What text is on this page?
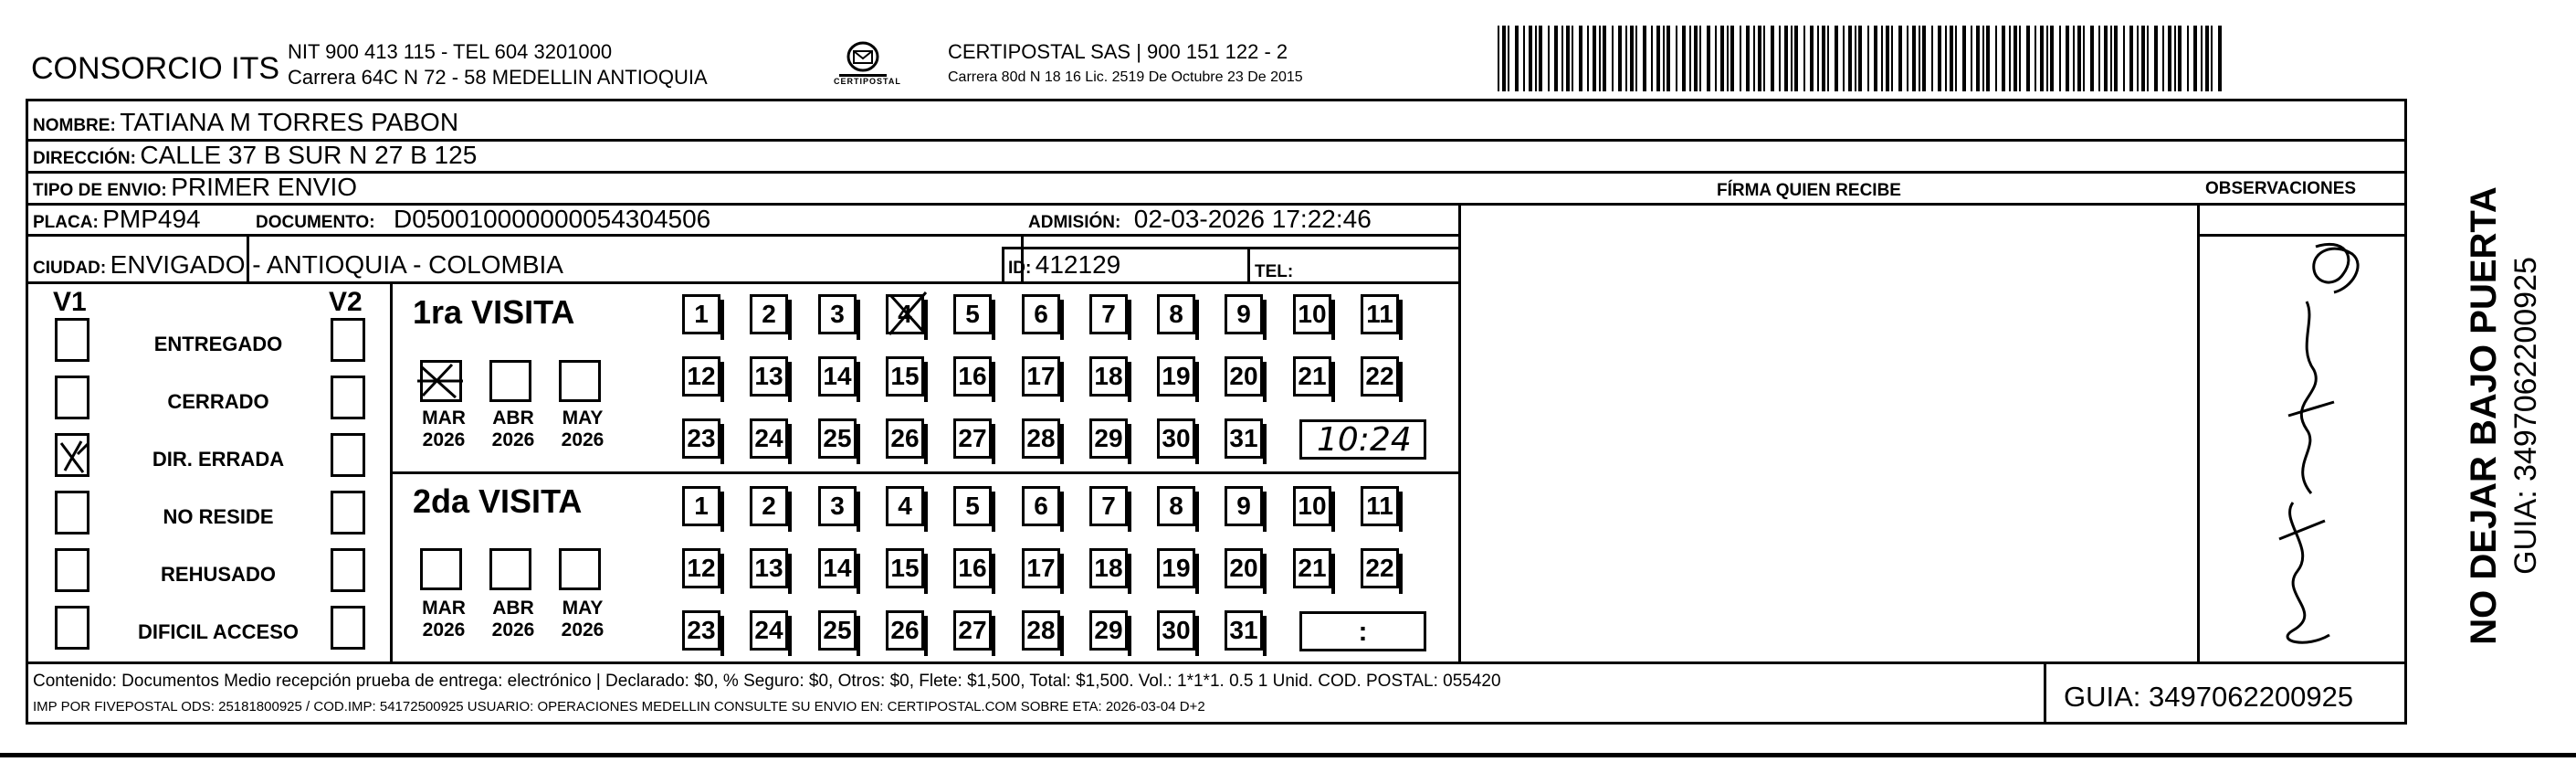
CONSORCIO ITS NIT 900 413 115 - TEL 604 3201000
Carrera 64C N 72 - 58 MEDELLIN ANTIOQUIA	CERTIPOSTAL
CERTIPOSTAL SAS | 900 151 122 - 2
Carrera 80d N 18 16 Lic. 2519 De Octubre 23 De 2015
NOMBRE: TATIANA M TORRES PABON
DIRECCIÓN: CALLE 37 B SUR N 27 B 125
TIPO DE ENVIO: PRIMER ENVIO
PLACA: PMP494	DOCUMENTO: D050010000000054304506	ADMISIÓN: 02-03-2026 17:22:46
CIUDAD: ENVIGADO - ANTIOQUIA - COLOMBIA	ID: 412129	TEL:
FÍRMA QUIEN RECIBE	OBSERVACIONES
V1	V2
ENTREGADO
CERRADO
DIR. ERRADA
NO RESIDE
REHUSADO
DIFICIL ACCESO
1ra VISITA
2da VISITA
MAR
2026
ABR
2026
MAY
2026
MAR
2026
ABR
2026
MAY
2026
1	2	3	4	5	6	7	8	9	10 11
12 13 14 15 16 17 18 19 20 21 22
23 24 25 26 27 28 29 30 31
1	2	3	4	5	6	7	8	9	10 11
12 13 14 15 16 17 18 19 20 21 22
23 24 25 26 27 28 29 30 31
10:24
:
Contenido: Documentos Medio recepción prueba de entrega: electrónico | Declarado: $0, % Seguro: $0, Otros: $0, Flete: $1,500, Total: $1,500. Vol.: 1*1*1. 0.5 1 Unid. COD. POSTAL: 055420
IMP POR FIVEPOSTAL ODS: 25181800925 / COD.IMP: 54172500925 USUARIO: OPERACIONES MEDELLIN CONSULTE SU ENVIO EN: CERTIPOSTAL.COM SOBRE ETA: 2026-03-04 D+2	GUIA: 3497062200925
NO DEJAR BAJO PUERTA GUIA: 3497062200925
